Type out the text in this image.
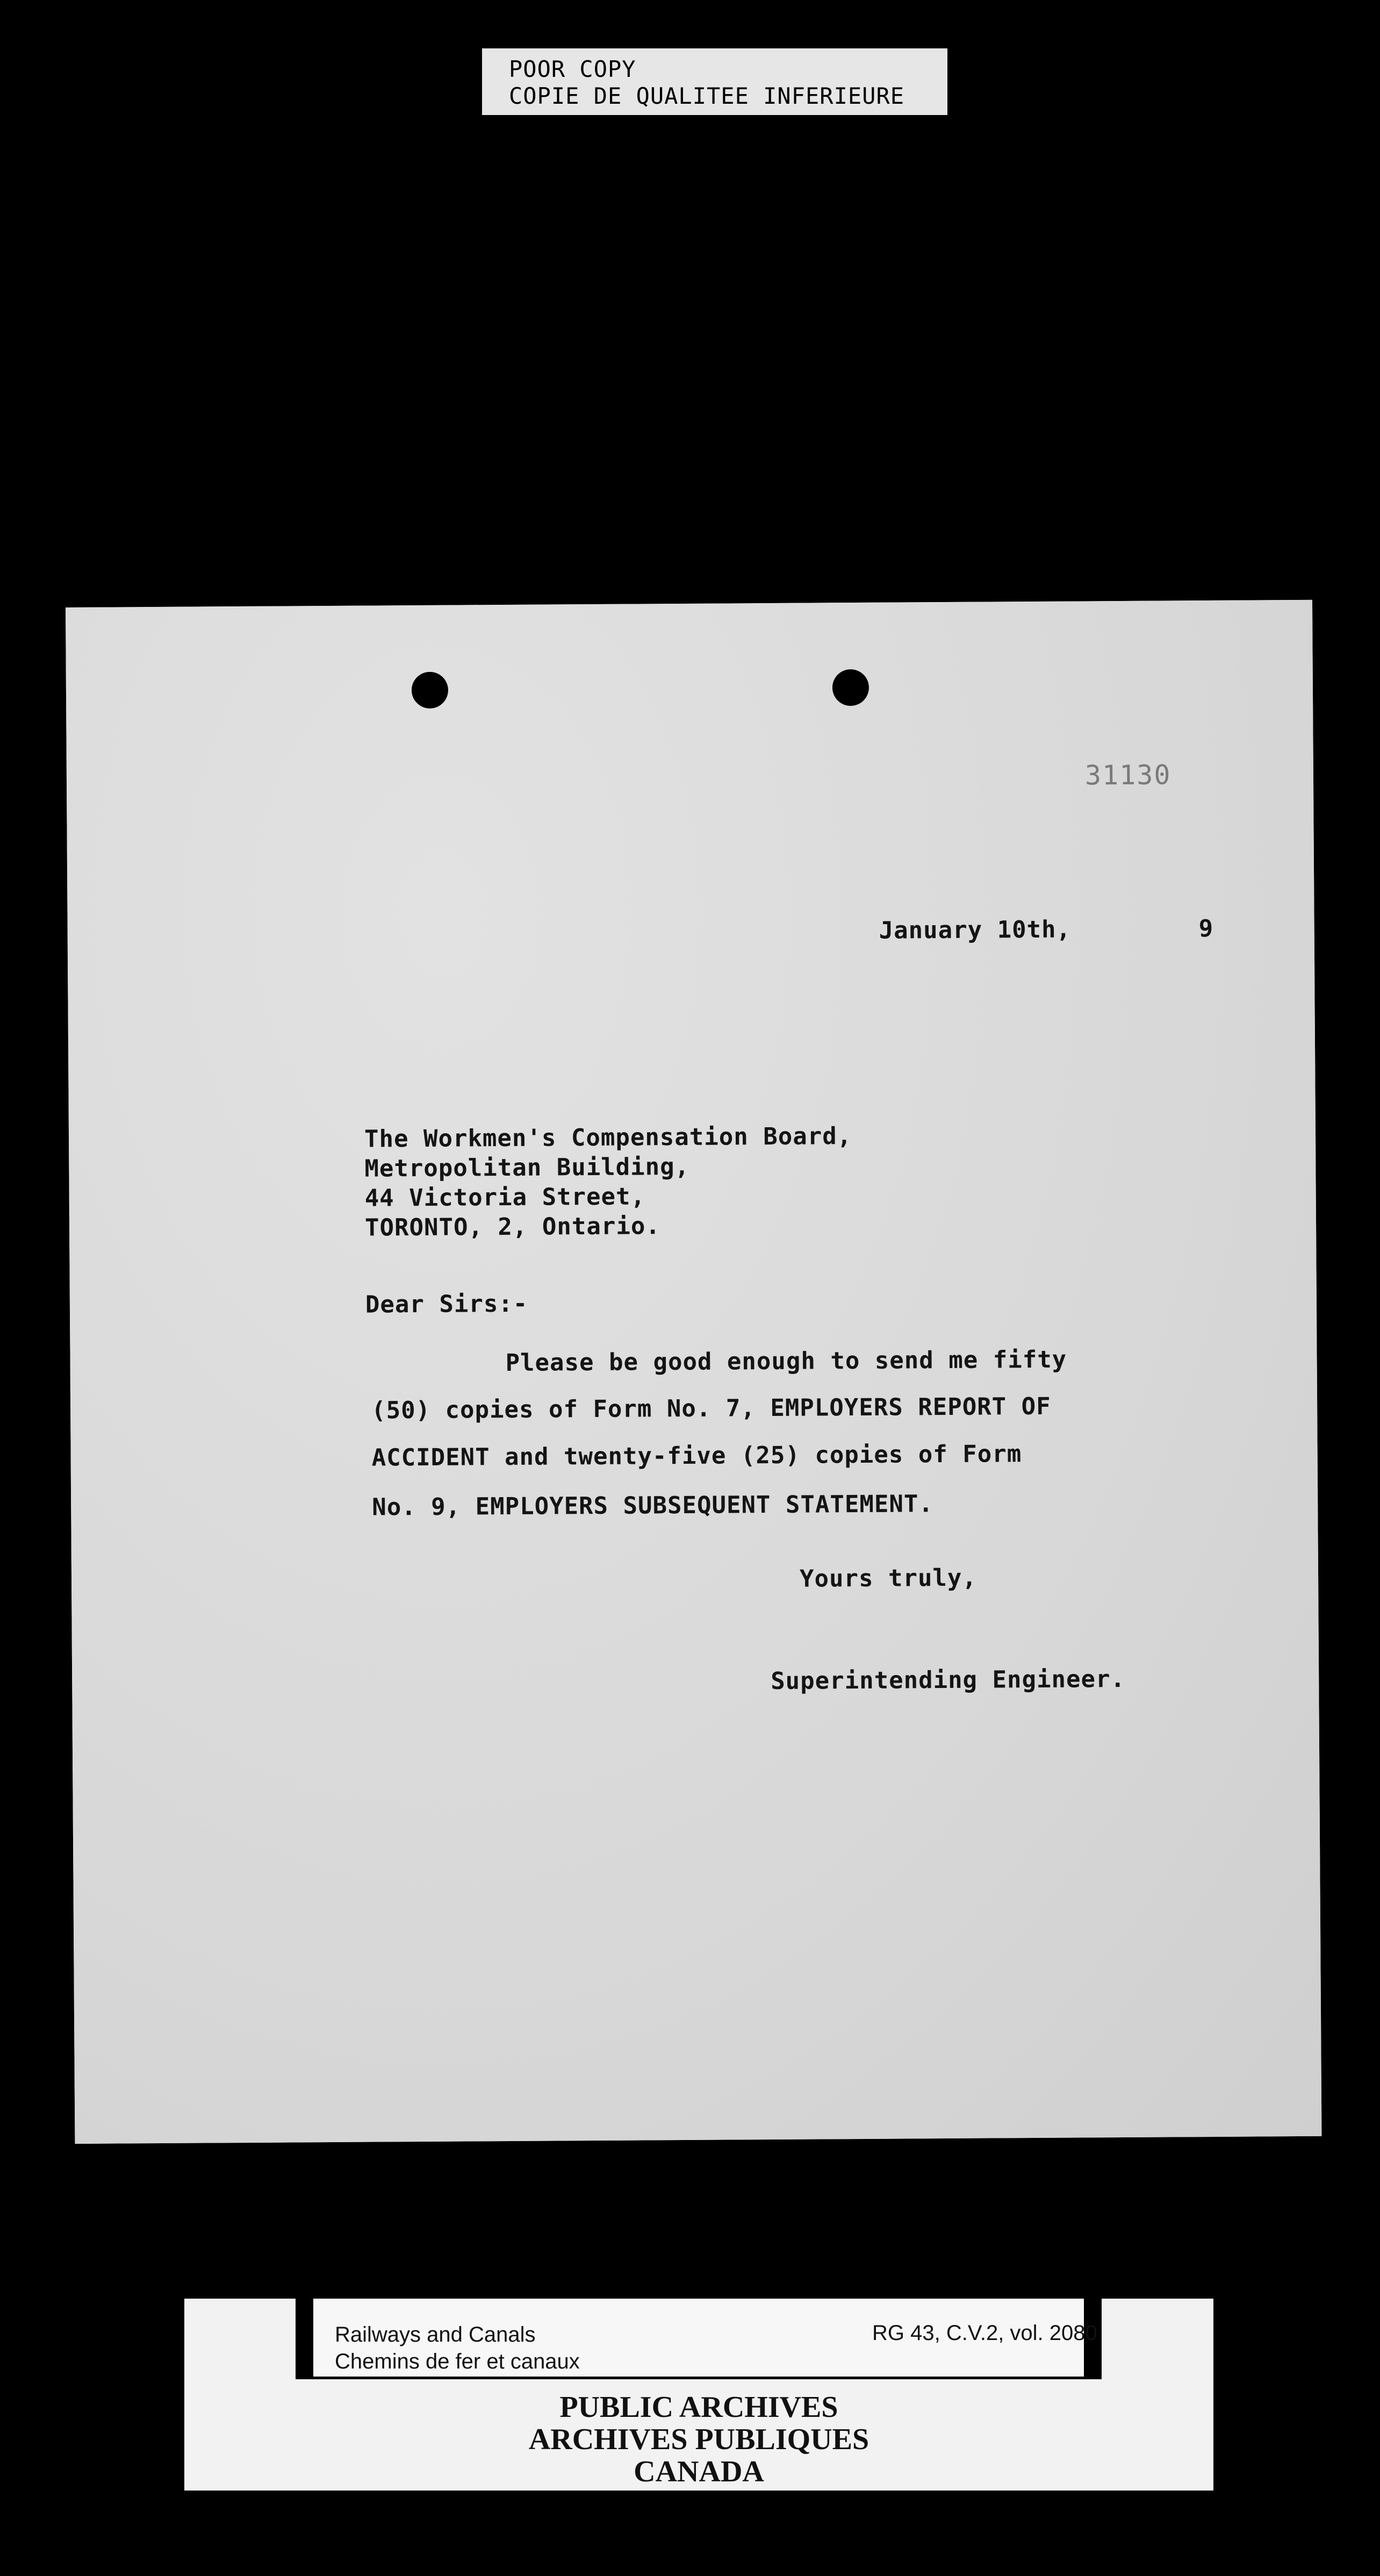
POOR COPY
COPIE DE QUALITEE INFERIEURE
31130
January 10th,	9
The Workmen's Compensation Board,
Metropolitan Building,
44 Victoria Street,
TORONTO, 2, Ontario.
Dear Sirs:-
Please be good enough to send me fifty
(50) copies of Form No. 7, EMPLOYERS REPORT OF
ACCIDENT and twenty-five (25) copies of Form
No. 9, EMPLOYERS SUBSEQUENT STATEMENT.
Yours truly,
Superintending Engineer.
Railways and Canals
Chemins de fer et canaux
RG 43, C.V.2, vol. 2080
PUBLIC ARCHIVES
ARCHIVES PUBLIQUES
CANADA
